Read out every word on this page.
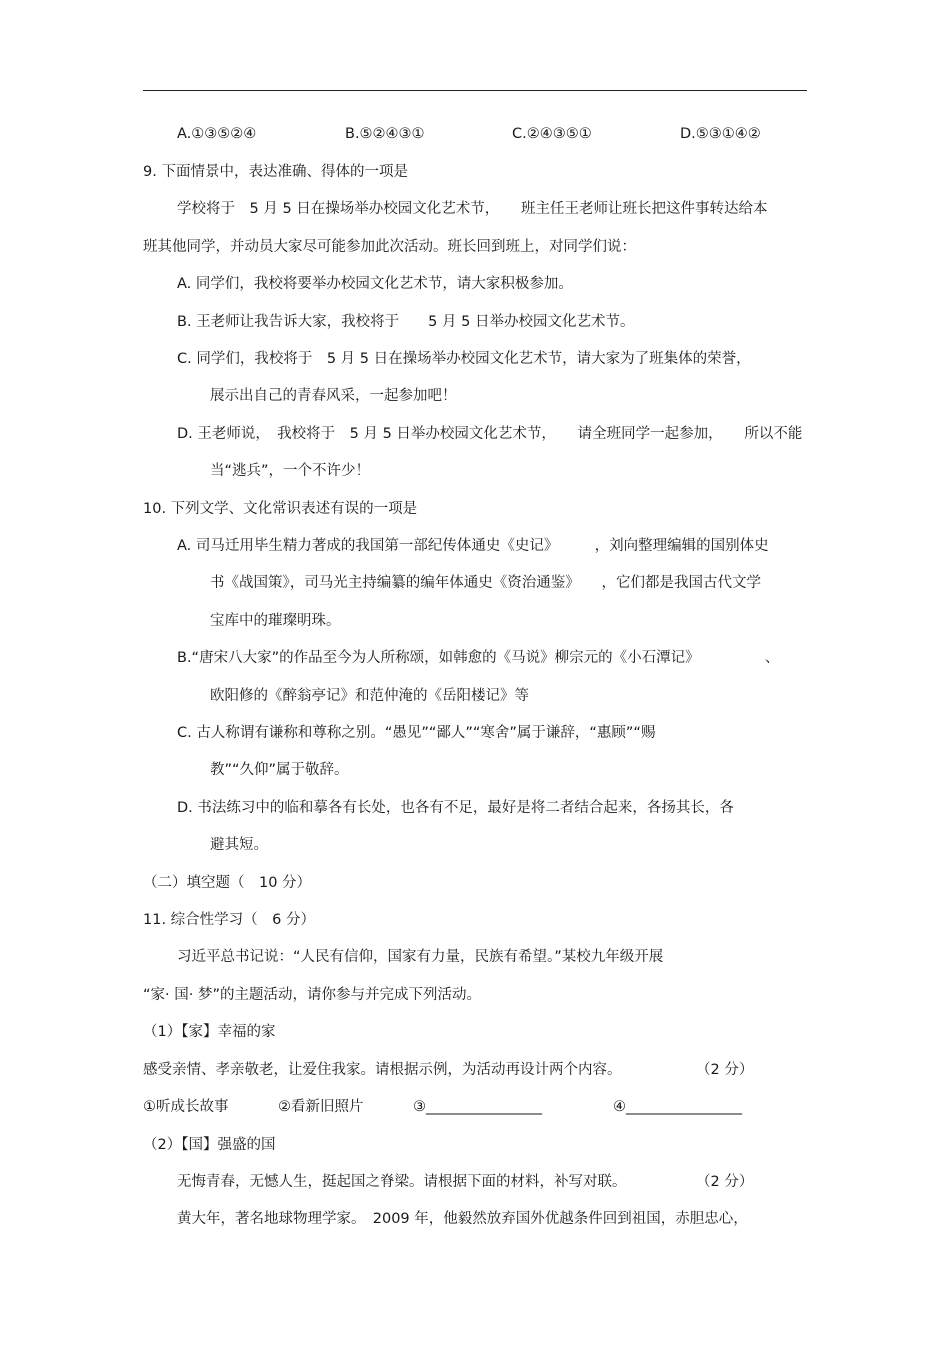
A.①③⑤②④	B.⑤②④③①	C.②④③⑤①	D.⑤③①④②
9. 下面情景中，表达准确、得体的一项是
学校将于　5 月 5 日在操场举办校园文化艺术节，　　班主任王老师让班长把这件事转达给本
班其他同学，并动员大家尽可能参加此次活动。班长回到班上，对同学们说：
A. 同学们，我校将要举办校园文化艺术节，请大家积极参加。
B. 王老师让我告诉大家，我校将于　　5 月 5 日举办校园文化艺术节。
C. 同学们，我校将于　5 月 5 日在操场举办校园文化艺术节，请大家为了班集体的荣誉，
展示出自己的青春风采，一起参加吧！
D. 王老师说，　我校将于　5 月 5 日举办校园文化艺术节，　　请全班同学一起参加，　　所以不能
当“逃兵”，一个不许少！
10. 下列文学、文化常识表述有误的一项是
A. 司马迁用毕生精力著成的我国第一部纪传体通史《史记》　　　，刘向整理编辑的国别体史
书《战国策》，司马光主持编纂的编年体通史《资治通鉴》　　，它们都是我国古代文学
宝库中的璀璨明珠。
B.“唐宋八大家”的作品至今为人所称颂，如韩愈的《马说》柳宗元的《小石潭记》　　　　　、
欧阳修的《醉翁亭记》和范仲淹的《岳阳楼记》等
C. 古人称谓有谦称和尊称之别。“愚见”“鄙人”“寒舍”属于谦辞，“惠顾”“赐
教”“久仰”属于敬辞。
D. 书法练习中的临和摹各有长处，也各有不足，最好是将二者结合起来，各扬其长，各
避其短。
（二）填空题（　10 分）
11. 综合性学习（　6 分）
习近平总书记说：“人民有信仰，国家有力量，民族有希望。”某校九年级开展
“家· 国· 梦”的主题活动，请你参与并完成下列活动。
（1）【家】幸福的家
感受亲情、孝亲敬老，让爱住我家。请根据示例，为活动再设计两个内容。	（2 分）
①听成长故事	②看新旧照片	③________________	④________________
（2）【国】强盛的国
无悔青春，无憾人生，挺起国之脊梁。请根据下面的材料，补写对联。	（2 分）
黄大年，著名地球物理学家。　2009 年，他毅然放弃国外优越条件回到祖国，赤胆忠心，
